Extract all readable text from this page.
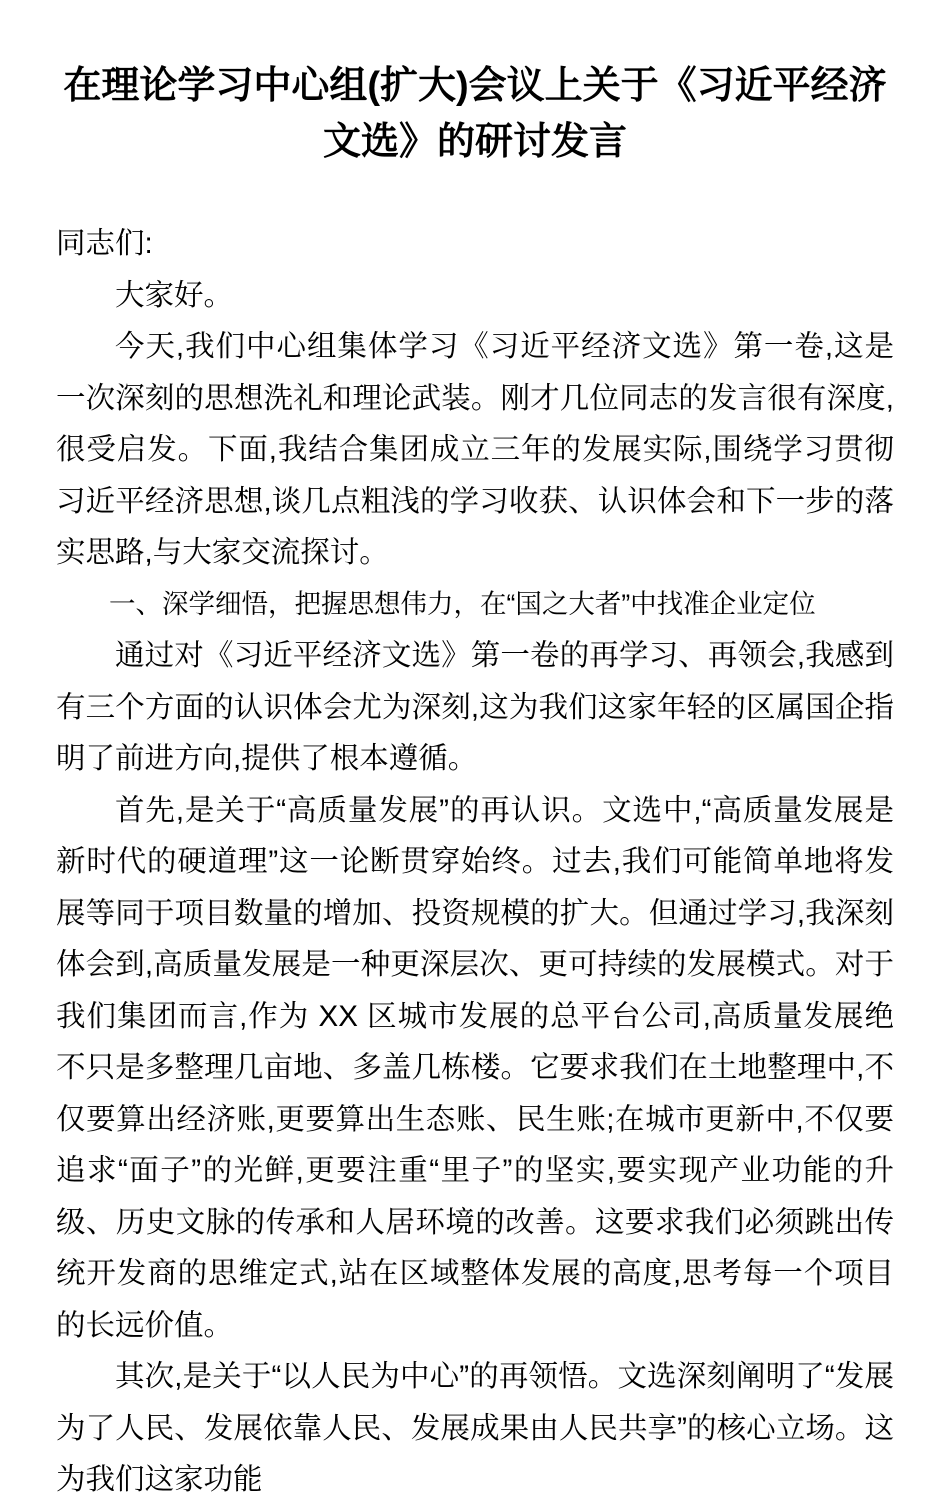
在理论学习中心组(扩大)会议上关于《习近平经济文选》的研讨发言

同志们:

大家好。

今天,我们中心组集体学习《习近平经济文选》第一卷,这是一次深刻的思想洗礼和理论武装。刚才几位同志的发言很有深度,很受启发。下面,我结合集团成立三年的发展实际,围绕学习贯彻习近平经济思想,谈几点粗浅的学习收获、认识体会和下一步的落实思路,与大家交流探讨。

一、深学细悟，把握思想伟力，在“国之大者”中找准企业定位

通过对《习近平经济文选》第一卷的再学习、再领会,我感到有三个方面的认识体会尤为深刻,这为我们这家年轻的区属国企指明了前进方向,提供了根本遵循。

首先,是关于“高质量发展”的再认识。文选中,“高质量发展是新时代的硬道理”这一论断贯穿始终。过去,我们可能简单地将发展等同于项目数量的增加、投资规模的扩大。但通过学习,我深刻体会到,高质量发展是一种更深层次、更可持续的发展模式。对于我们集团而言,作为 XX 区城市发展的总平台公司,高质量发展绝不只是多整理几亩地、多盖几栋楼。它要求我们在土地整理中,不仅要算出经济账,更要算出生态账、民生账;在城市更新中,不仅要追求“面子”的光鲜,更要注重“里子”的坚实,要实现产业功能的升级、历史文脉的传承和人居环境的改善。这要求我们必须跳出传统开发商的思维定式,站在区域整体发展的高度,思考每一个项目的长远价值。

其次,是关于“以人民为中心”的再领悟。文选深刻阐明了“发展为了人民、发展依靠人民、发展成果由人民共享”的核心立场。这为我们这家功能
